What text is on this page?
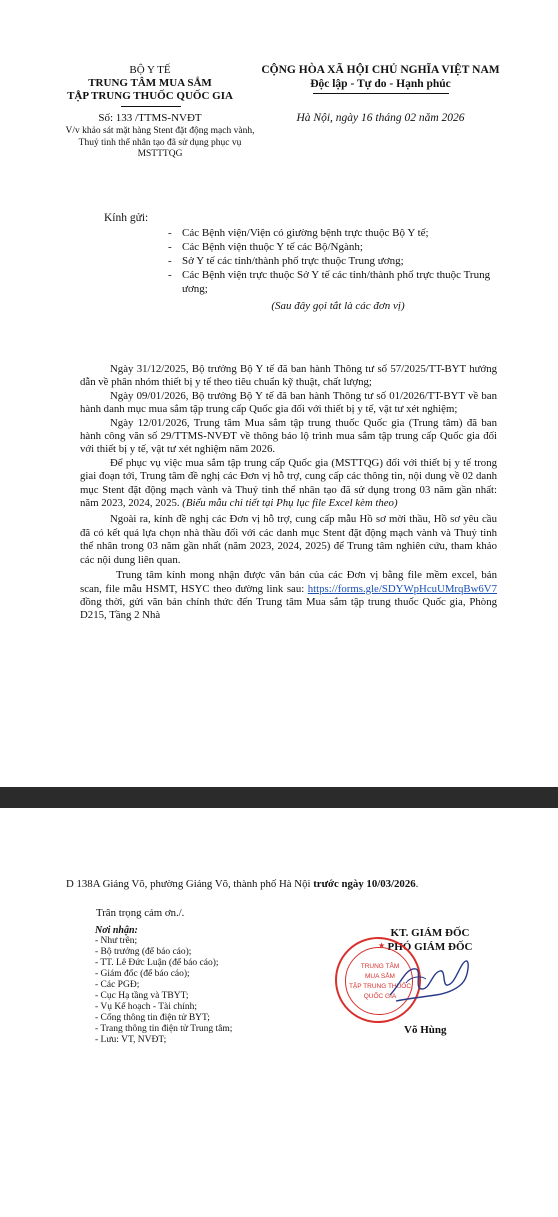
BỘ Y TẾ
TRUNG TÂM MUA SẮM
TẬP TRUNG THUỐC QUỐC GIA
Số: 133 /TTMS-NVĐT
V/v khảo sát mặt hàng Stent đặt động mạch vành, Thuỷ tinh thể nhân tạo đã sử dụng phục vụ MSTTTQG
CỘNG HÒA XÃ HỘI CHỦ NGHĨA VIỆT NAM
Độc lập - Tự do - Hạnh phúc
Hà Nội, ngày 16 tháng 02 năm 2026
Kính gửi:
- Các Bệnh viện/Viện có giường bệnh trực thuộc Bộ Y tế;
- Các Bệnh viện thuộc Y tế các Bộ/Ngành;
- Sở Y tế các tỉnh/thành phố trực thuộc Trung ương;
- Các Bệnh viện trực thuộc Sở Y tế các tỉnh/thành phố trực thuộc Trung ương;
(Sau đây gọi tắt là các đơn vị)
Ngày 31/12/2025, Bộ trưởng Bộ Y tế đã ban hành Thông tư số 57/2025/TT-BYT hướng dẫn về phân nhóm thiết bị y tế theo tiêu chuẩn kỹ thuật, chất lượng;
Ngày 09/01/2026, Bộ trưởng Bộ Y tế đã ban hành Thông tư số 01/2026/TT-BYT về ban hành danh mục mua sắm tập trung cấp Quốc gia đối với thiết bị y tế, vật tư xét nghiệm;
Ngày 12/01/2026, Trung tâm Mua sắm tập trung thuốc Quốc gia (Trung tâm) đã ban hành công văn số 29/TTMS-NVĐT về thông báo lộ trình mua sắm tập trung cấp Quốc gia đối với thiết bị y tế, vật tư xét nghiệm năm 2026.
Để phục vụ việc mua sắm tập trung cấp Quốc gia (MSTTQG) đối với thiết bị y tế trong giai đoạn tới, Trung tâm đề nghị các Đơn vị hỗ trợ, cung cấp các thông tin, nội dung về 02 danh mục Stent đặt động mạch vành và Thuỷ tinh thể nhân tạo đã sử dụng trong 03 năm gần nhất: năm 2023, 2024, 2025. (Biểu mẫu chi tiết tại Phụ lục file Excel kèm theo)
Ngoài ra, kính đề nghị các Đơn vị hỗ trợ, cung cấp mẫu Hồ sơ mời thầu, Hồ sơ yêu cầu đã có kết quả lựa chọn nhà thầu đối với các danh mục Stent đặt động mạch vành và Thuỷ tinh thể nhân trong 03 năm gần nhất (năm 2023, 2024, 2025) để Trung tâm nghiên cứu, tham khảo các nội dung liên quan.
Trung tâm kính mong nhận được văn bản của các Đơn vị bằng file mềm excel, bản scan, file mẫu HSMT, HSYC theo đường link sau: https://forms.gle/SDYWpHcuUMrqBw6V7 đồng thời, gửi văn bản chính thức đến Trung tâm Mua sắm tập trung thuốc Quốc gia, Phòng D215, Tầng 2 Nhà
D 138A Giảng Võ, phường Giảng Võ, thành phố Hà Nội trước ngày 10/03/2026.
Trân trọng cảm ơn./.
Nơi nhận:
- Như trên;
- Bộ trưởng (để báo cáo);
- TT. Lê Đức Luận (để báo cáo);
- Giám đốc (để báo cáo);
- Các PGĐ;
- Cục Hạ tầng và TBYT;
- Vụ Kế hoạch - Tài chính;
- Cổng thông tin điện tử BYT;
- Trang thông tin điện tử Trung tâm;
- Lưu: VT, NVĐT;
KT. GIÁM ĐỐC
PHÓ GIÁM ĐỐC
TRUNG TÂM
MUA SẮM
TẬP TRUNG THUỐC
QUỐC GIA
★
Võ Hùng
